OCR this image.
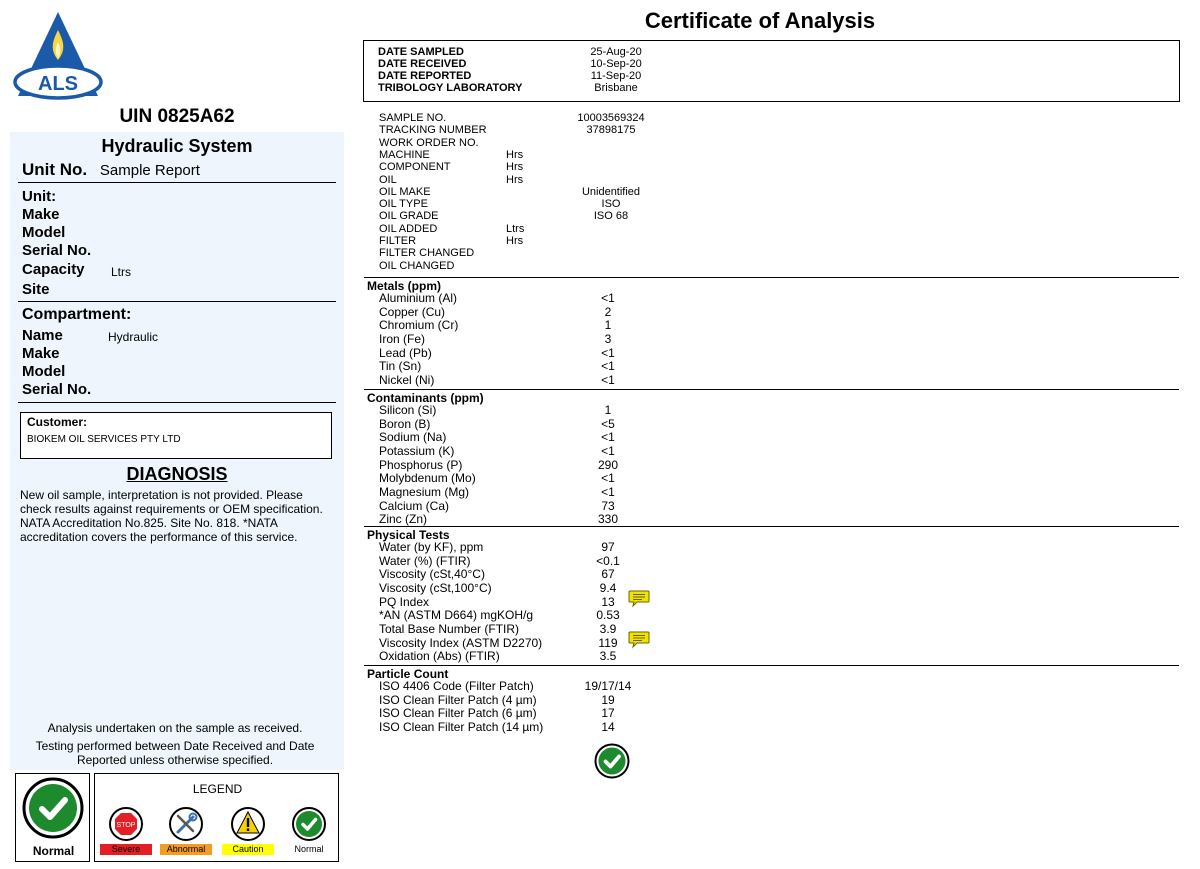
ALS
UIN 0825A62
Hydraulic System
Unit No. Sample Report
Unit:
Make
Model
Serial No.
Capacity Ltrs
Site
Compartment:
Name	Hydraulic
Make
Model
Serial No.
Customer:
BIOKEM OIL SERVICES PTY LTD
DIAGNOSIS

New oil sample, interpretation is not provided. Please check results against requirements or OEM specification.

NATA Accreditation No.825. Site No. 818. *NATA accreditation covers the performance of this service.

Analysis undertaken on the sample as received.
Testing performed between Date Received and Date Reported unless otherwise specified.
Normal
LEGEND
STOP
Severe	Abnormal	Caution	Normal
Certificate of Analysis
DATE SAMPLED	25-Aug-20
DATE RECEIVED	10-Sep-20
DATE REPORTED	11-Sep-20
TRIBOLOGY LABORATORY	Brisbane
SAMPLE NO.	10003569324
TRACKING NUMBER	37898175
WORK ORDER NO.
MACHINE	Hrs
COMPONENT	Hrs
OIL	Hrs
OIL MAKE	Unidentified
OIL TYPE	ISO
OIL GRADE	ISO 68
OIL ADDED	Ltrs
FILTER	Hrs
FILTER CHANGED
OIL CHANGED
Metals (ppm)
Aluminium (Al)	<1
Copper (Cu)	2
Chromium (Cr)	1
Iron (Fe)	3
Lead (Pb)	<1
Tin (Sn)	<1
Nickel (Ni)	<1
Contaminants (ppm)
Silicon (Si)	1
Boron (B)	<5
Sodium (Na)	<1
Potassium (K)	<1
Phosphorus (P)	290
Molybdenum (Mo)	<1
Magnesium (Mg)	<1
Calcium (Ca)	73
Zinc (Zn)	330
Physical Tests
Water (by KF), ppm	97
Water (%) (FTIR)	<0.1
Viscosity (cSt,40°C)	67
Viscosity (cSt,100°C)	9.4
PQ Index	13
*AN (ASTM D664) mgKOH/g	0.53
Total Base Number (FTIR)	3.9
Viscosity Index (ASTM D2270)	119
Oxidation (Abs) (FTIR)	3.5
Particle Count
ISO 4406 Code (Filter Patch)	19/17/14
ISO Clean Filter Patch (4 µm)	19
ISO Clean Filter Patch (6 µm)	17
ISO Clean Filter Patch (14 µm)	14
